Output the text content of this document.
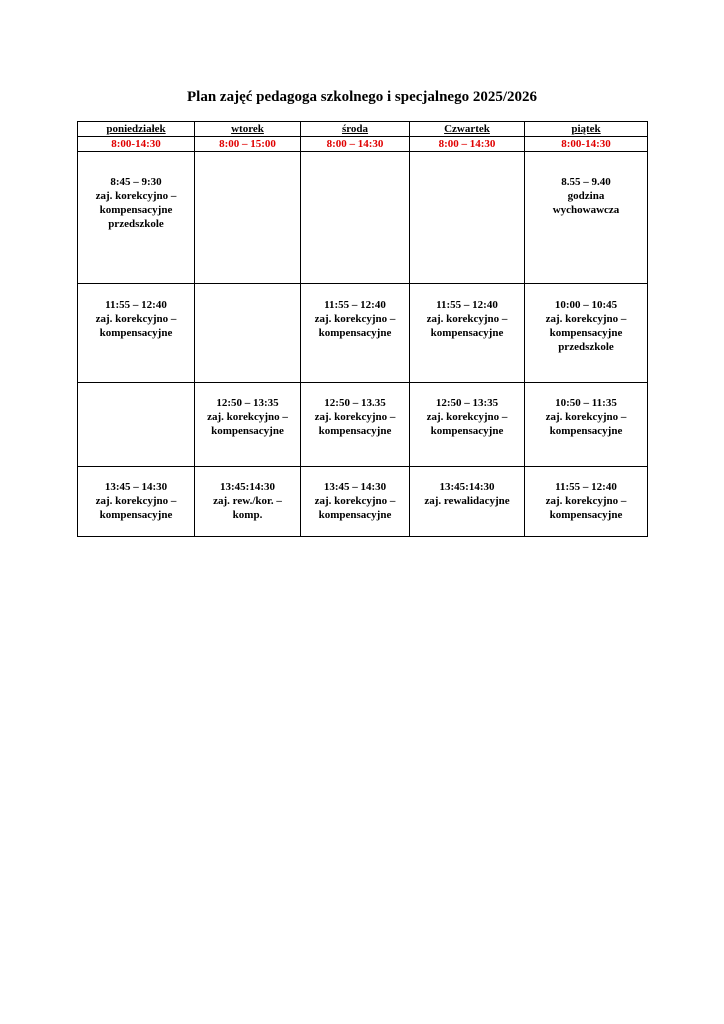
Plan zajęć pedagoga szkolnego i specjalnego 2025/2026
poniedziałek	wtorek	środa	Czwartek	piątek
8:00-14:30	8:00 – 15:00	8:00 – 14:30	8:00 – 14:30	8:00-14:30

8:45 – 9:30
zaj. korekcyjno –
kompensacyjne
przedszkole				8.55 – 9.40
godzina
wychowawcza

11:55 – 12:40
zaj. korekcyjno –
kompensacyjne		11:55 – 12:40
zaj. korekcyjno –
kompensacyjne	11:55 – 12:40
zaj. korekcyjno –
kompensacyjne	10:00 – 10:45
zaj. korekcyjno –
kompensacyjne
przedszkole

	12:50 – 13:35
zaj. korekcyjno –
kompensacyjne	12:50 – 13.35
zaj. korekcyjno –
kompensacyjne	12:50 – 13:35
zaj. korekcyjno –
kompensacyjne	10:50 – 11:35
zaj. korekcyjno –
kompensacyjne

13:45 – 14:30
zaj. korekcyjno –
kompensacyjne	13:45:14:30
zaj. rew./kor. –
komp.	13:45 – 14:30
zaj. korekcyjno –
kompensacyjne	13:45:14:30
zaj. rewalidacyjne	11:55 – 12:40
zaj. korekcyjno –
kompensacyjne
